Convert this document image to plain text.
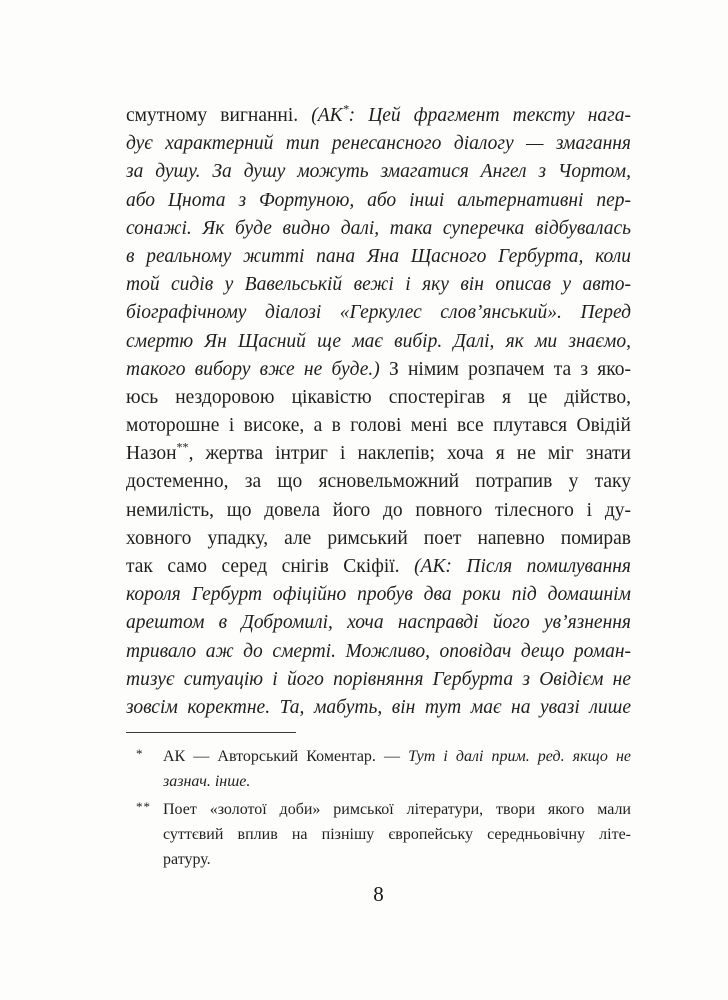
смутному вигнанні. (АК*: Цей фрагмент тексту нага-
дує характерний тип ренесансного діалогу — змагання
за душу. За душу можуть змагатися Ангел з Чортом,
або Цнота з Фортуною, або інші альтернативні пер-
сонажі. Як буде видно далі, така суперечка відбувалась
в реальному житті пана Яна Щасного Гербурта, коли
той сидів у Вавельській вежі і яку він описав у авто-
біографічному діалозі «Геркулес слов’янський». Перед
смертю Ян Щасний ще має вибір. Далі, як ми знаємо,
такого вибору вже не буде.) З німим розпачем та з яко-
юсь нездоровою цікавістю спостерігав я це дійство,
моторошне і високе, а в голові мені все плутався Овідій
Назон**, жертва інтриг і наклепів; хоча я не міг знати
достеменно, за що ясновельможний потрапив у таку
немилість, що довела його до повного тілесного і ду-
ховного упадку, але римський поет напевно помирав
так само серед снігів Скіфії. (АК: Після помилування
короля Гербурт офіційно пробув два роки під домашнім
арештом в Добромилі, хоча насправді його ув’язнення
тривало аж до смерті. Можливо, оповідач дещо роман-
тизує ситуацію і його порівняння Гербурта з Овідієм не
зовсім коректне. Та, мабуть, він тут має на увазі лише
* АК — Авторський Коментар. — Тут і далі прим. ред. якщо не
зазнач. інше.
** Поет «золотої доби» римської літератури, твори якого мали
суттєвий вплив на пізнішу європейську середньовічну літе-
ратуру.
8
